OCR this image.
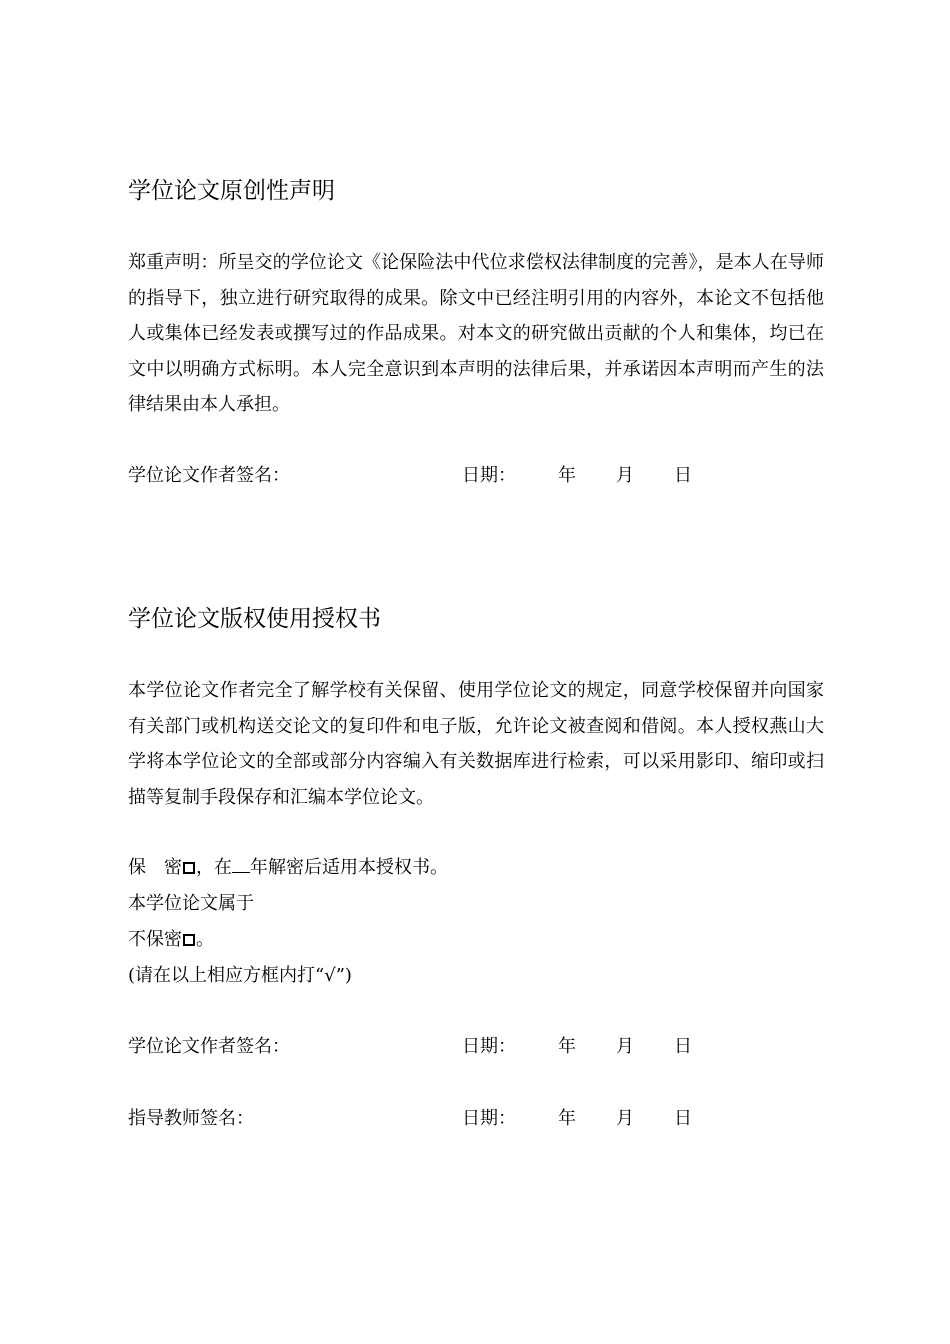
学位论文原创性声明

郑重声明：所呈交的学位论文《论保险法中代位求偿权法律制度的完善》，是本人在导师的指导下，独立进行研究取得的成果。除文中已经注明引用的内容外，本论文不包括他人或集体已经发表或撰写过的作品成果。对本文的研究做出贡献的个人和集体，均已在文中以明确方式标明。本人完全意识到本声明的法律后果，并承诺因本声明而产生的法律结果由本人承担。

学位论文作者签名：	日期： 年 月 日
学位论文版权使用授权书

本学位论文作者完全了解学校有关保留、使用学位论文的规定，同意学校保留并向国家有关部门或机构送交论文的复印件和电子版，允许论文被查阅和借阅。本人授权燕山大学将本学位论文的全部或部分内容编入有关数据库进行检索，可以采用影印、缩印或扫描等复制手段保存和汇编本学位论文。

保　密 ，在 年解密后适用本授权书。
本学位论文属于
不保密 。
(请在以上相应方框内打“√”)
学位论文作者签名：	日期： 年 月 日
指导教师签名：	日期： 年 月 日
